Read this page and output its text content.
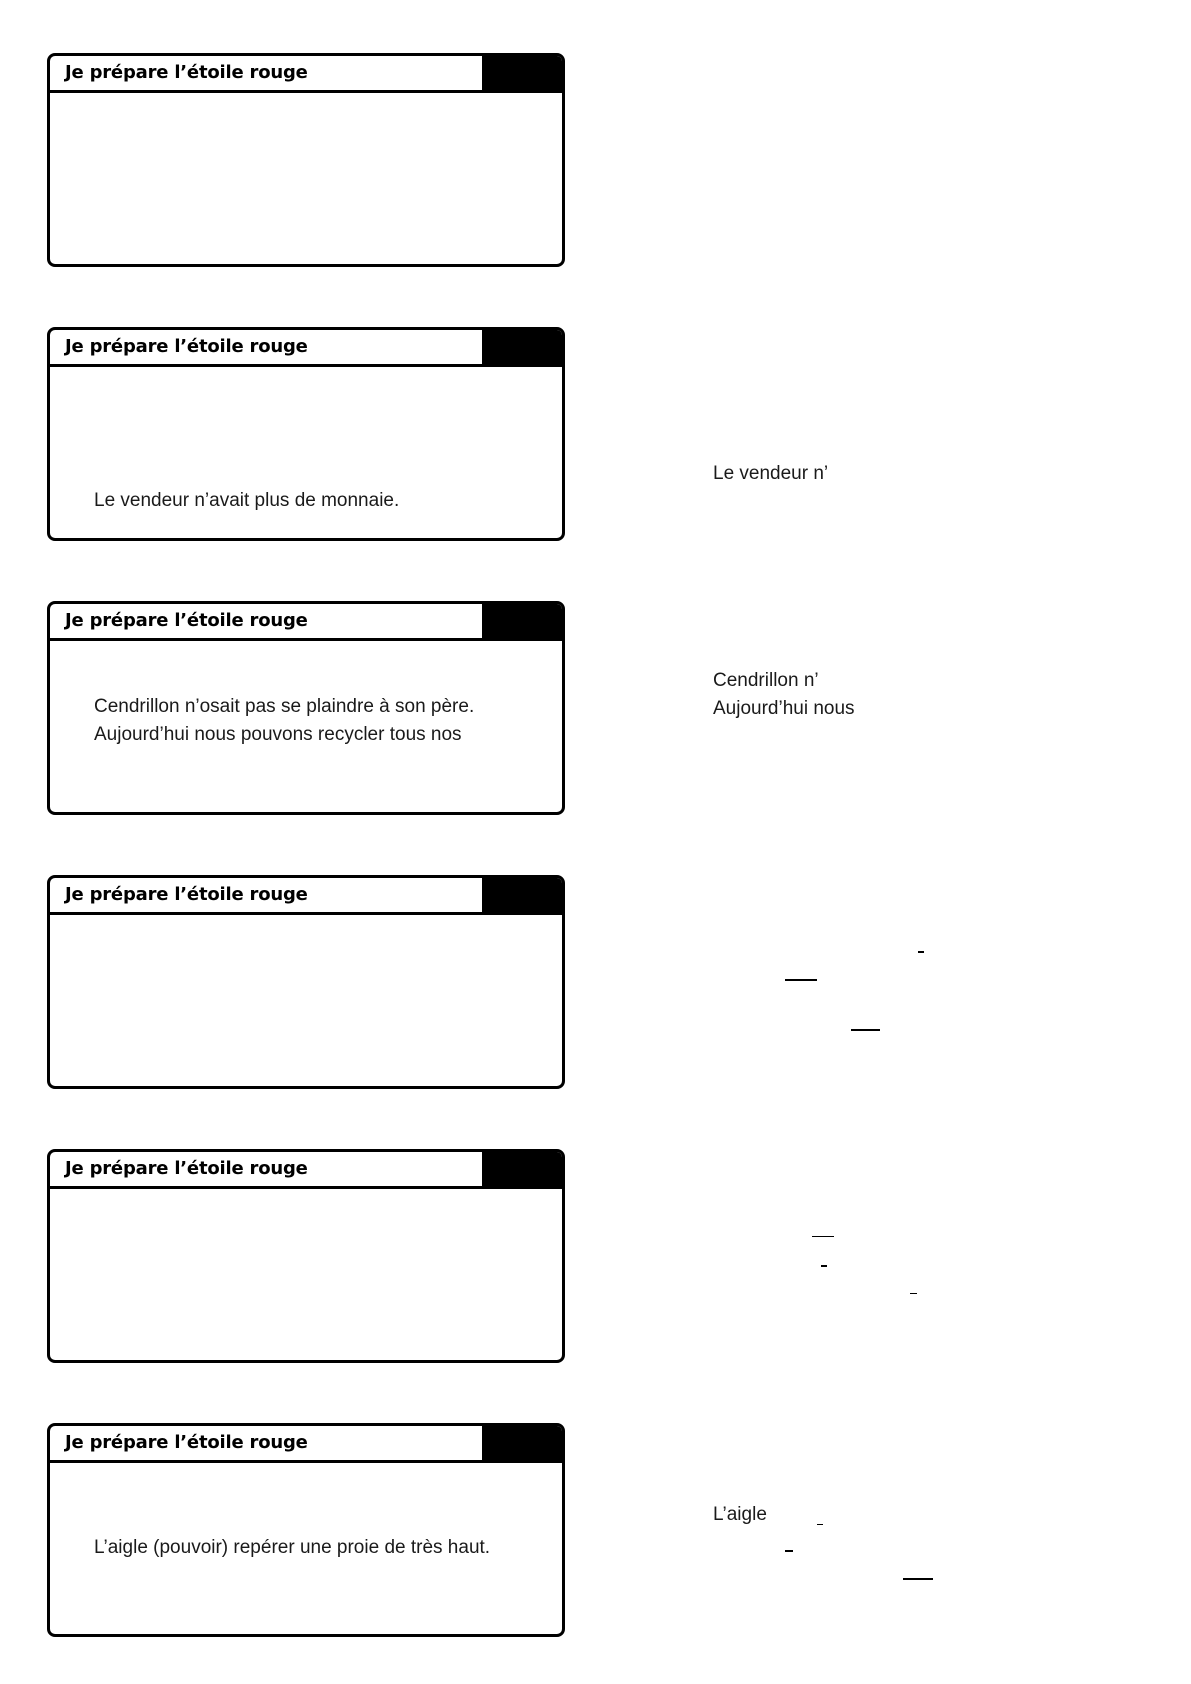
Je prépare l’étoile rouge
Je prépare l’étoile rouge
Le vendeur n’avait plus de monnaie.
Je prépare l’étoile rouge
Cendrillon n’osait pas se plaindre à son père.
Aujourd’hui nous pouvons recycler tous nos
Je prépare l’étoile rouge
Je prépare l’étoile rouge
Je prépare l’étoile rouge
L’aigle (pouvoir) repérer une proie de très haut.
Le vendeur n’
Cendrillon n’
Aujourd’hui nous
L’aigle
